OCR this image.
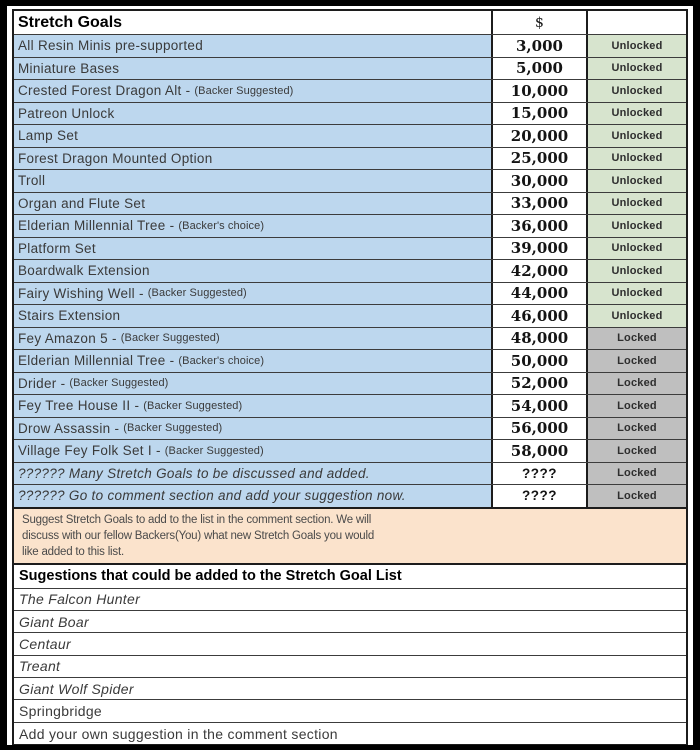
Stretch Goals	$
All Resin Minis pre-supported	3,000	Unlocked
Miniature Bases	5,000	Unlocked
Crested Forest Dragon Alt - (Backer Suggested)	10,000	Unlocked
Patreon Unlock	15,000	Unlocked
Lamp Set	20,000	Unlocked
Forest Dragon Mounted Option	25,000	Unlocked
Troll	30,000	Unlocked
Organ and Flute Set	33,000	Unlocked
Elderian Millennial Tree - (Backer's choice)	36,000	Unlocked
Platform Set	39,000	Unlocked
Boardwalk Extension	42,000	Unlocked
Fairy Wishing Well - (Backer Suggested)	44,000	Unlocked
Stairs Extension	46,000	Unlocked
Fey Amazon 5 - (Backer Suggested)	48,000	Locked
Elderian Millennial Tree - (Backer's choice)	50,000	Locked
Drider - (Backer Suggested)	52,000	Locked
Fey Tree House II - (Backer Suggested)	54,000	Locked
Drow Assassin - (Backer Suggested)	56,000	Locked
Village Fey Folk Set I - (Backer Suggested)	58,000	Locked
?????? Many Stretch Goals to be discussed and added.	????	Locked
?????? Go to comment section and add your suggestion now.	????	Locked
Suggest Stretch Goals to add to the list in the comment section. We will
discuss with our fellow Backers(You) what new Stretch Goals you would
like added to this list.
Sugestions that could be added to the Stretch Goal List
The Falcon Hunter
Giant Boar
Centaur
Treant
Giant Wolf Spider
Springbridge
Add your own suggestion in the comment section
